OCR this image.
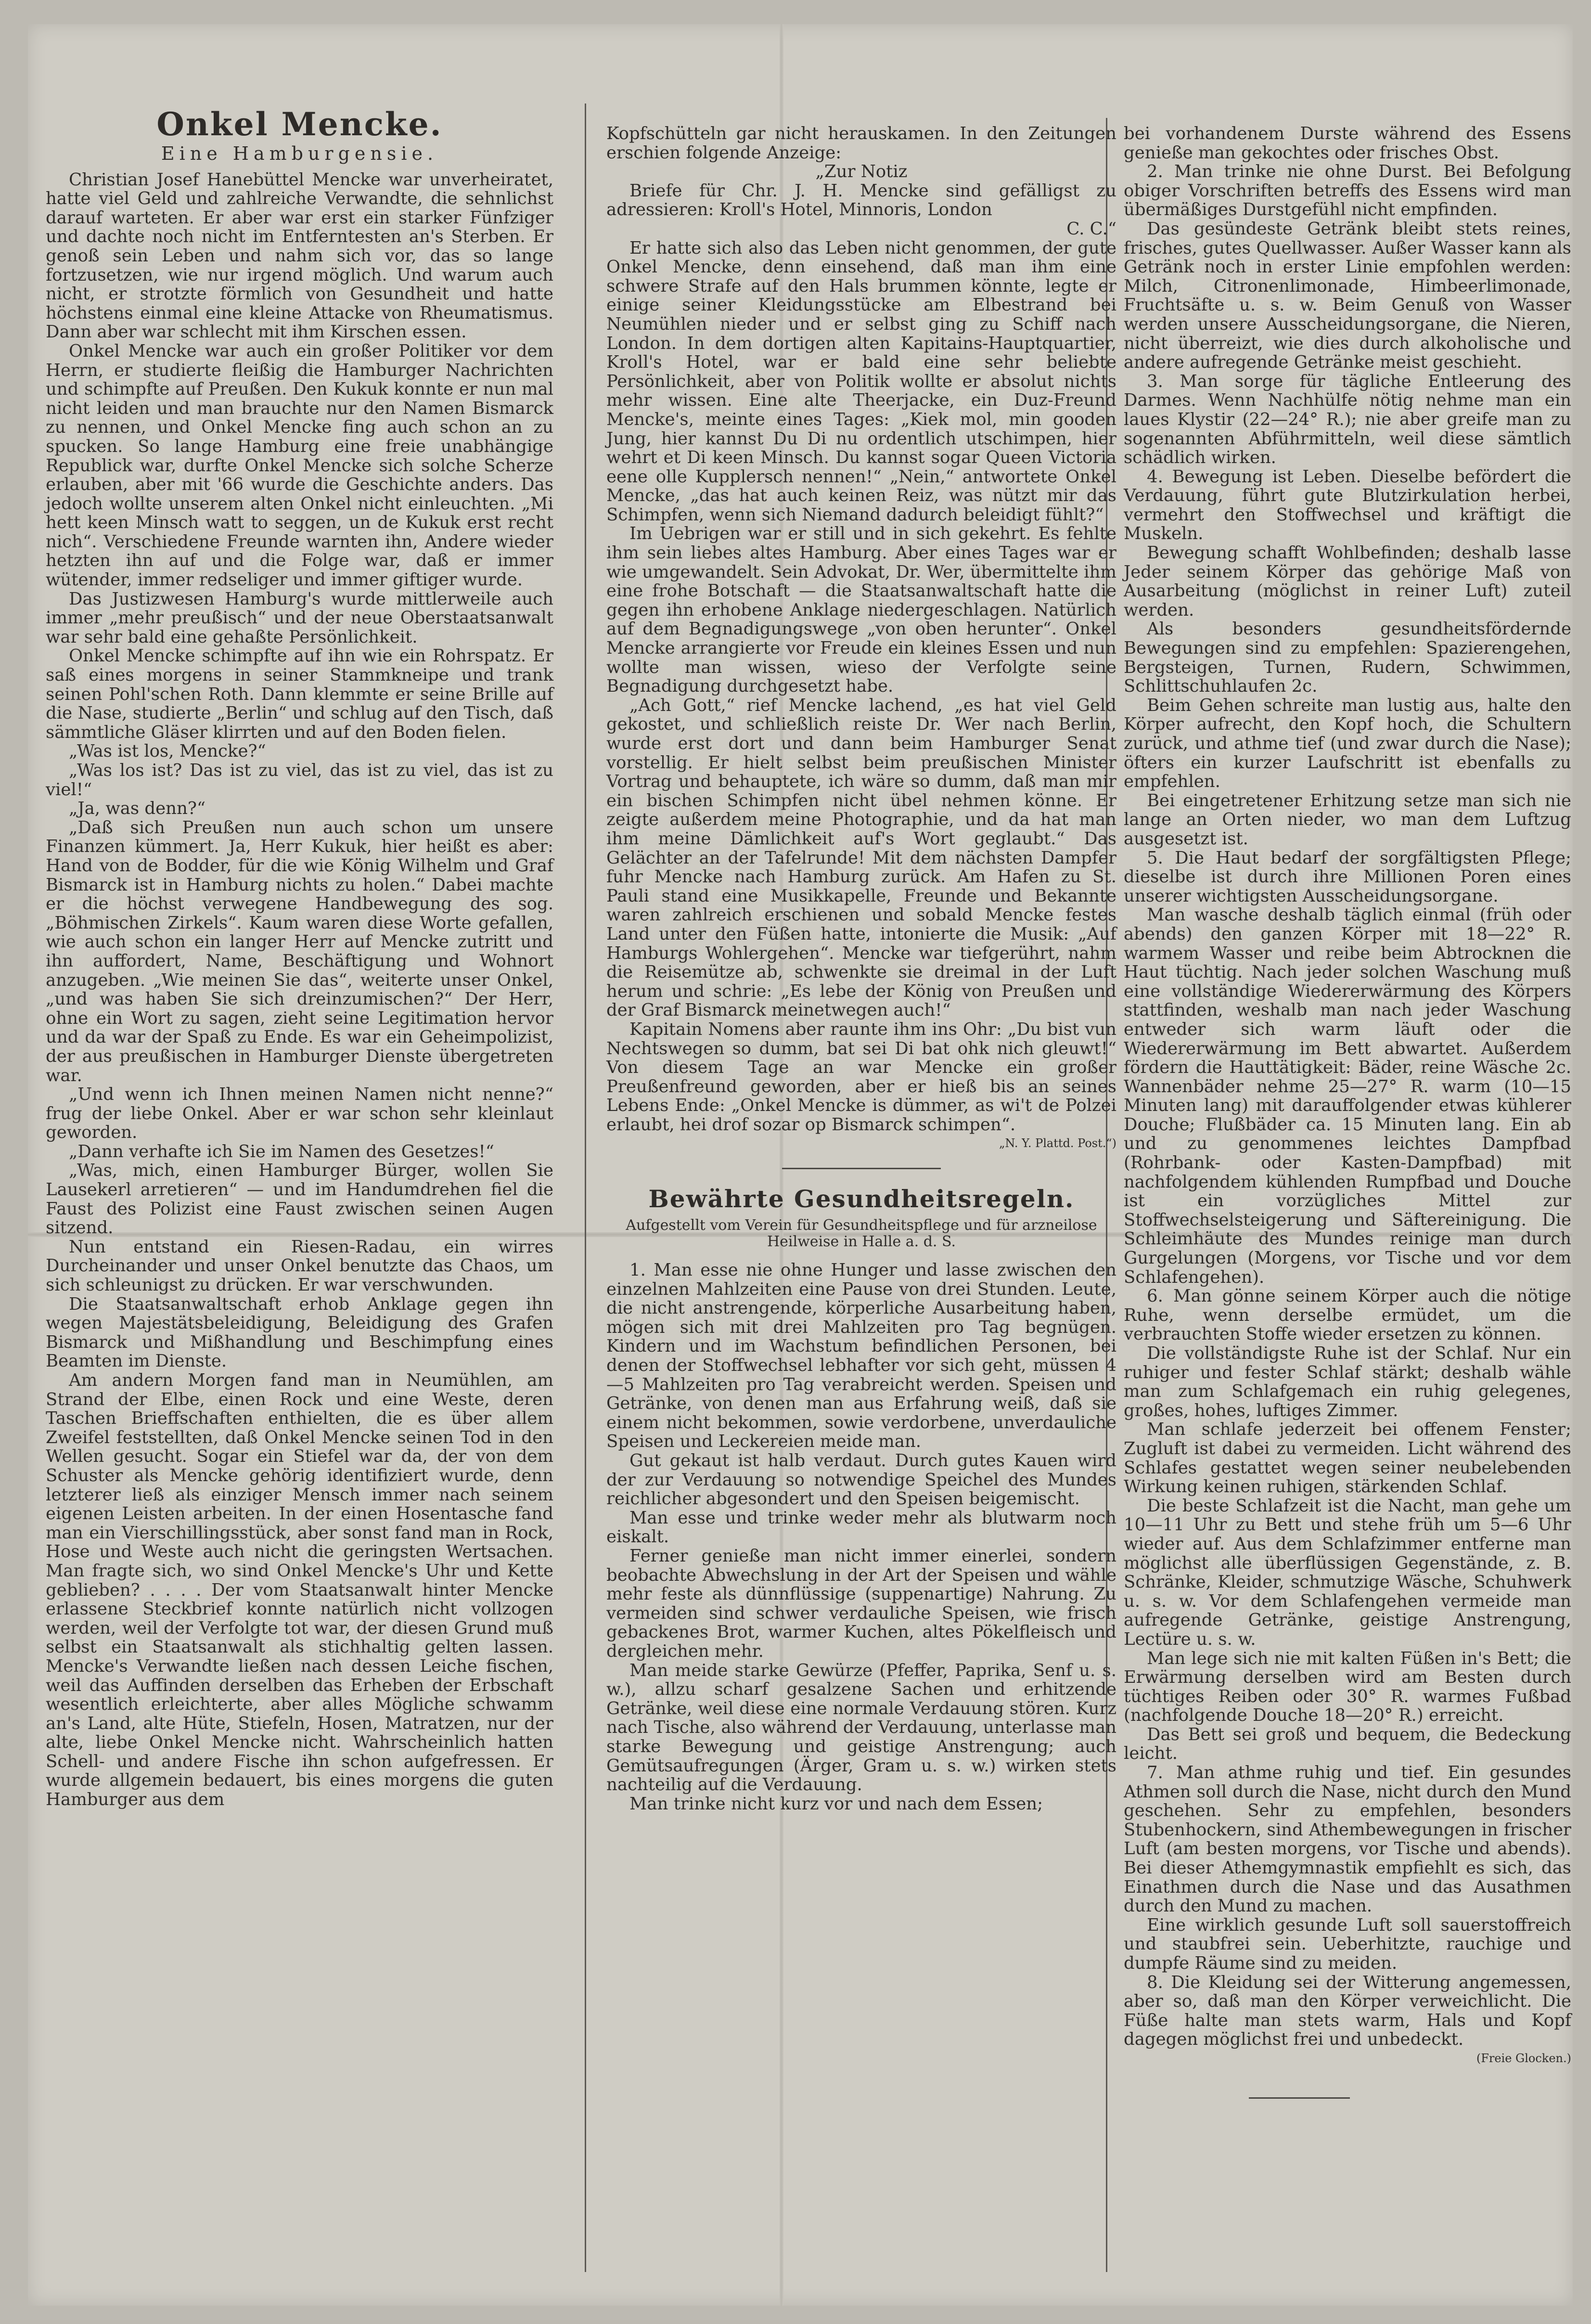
Onkel Mencke.
Eine Hamburgensie.

Christian Josef Hanebüttel Mencke war unverheiratet, hatte viel Geld und zahlreiche Verwandte, die sehnlichst darauf warteten. Er aber war erst ein starker Fünfziger und dachte noch nicht im Entferntesten an's Sterben. Er genoß sein Leben und nahm sich vor, das so lange fortzusetzen, wie nur irgend möglich. Und warum auch nicht, er strotzte förmlich von Gesundheit und hatte höchstens einmal eine kleine Attacke von Rheumatismus. Dann aber war schlecht mit ihm Kirschen essen.

Onkel Mencke war auch ein großer Politiker vor dem Herrn, er studierte fleißig die Hamburger Nachrichten und schimpfte auf Preußen. Den Kukuk konnte er nun mal nicht leiden und man brauchte nur den Namen Bismarck zu nennen, und Onkel Mencke fing auch schon an zu spucken. So lange Hamburg eine freie unabhängige Republick war, durfte Onkel Mencke sich solche Scherze erlauben, aber mit '66 wurde die Geschichte anders. Das jedoch wollte unserem alten Onkel nicht einleuchten. „Mi hett keen Minsch watt to seggen, un de Kukuk erst recht nich“. Verschiedene Freunde warnten ihn, Andere wieder hetzten ihn auf und die Folge war, daß er immer wütender, immer redseliger und immer giftiger wurde.

Das Justizwesen Hamburg's wurde mittlerweile auch immer „mehr preußisch“ und der neue Oberstaatsanwalt war sehr bald eine gehaßte Persönlichkeit.

Onkel Mencke schimpfte auf ihn wie ein Rohrspatz. Er saß eines morgens in seiner Stammkneipe und trank seinen Pohl'schen Roth. Dann klemmte er seine Brille auf die Nase, studierte „Berlin“ und schlug auf den Tisch, daß sämmtliche Gläser klirrten und auf den Boden fielen.

„Was ist los, Mencke?“

„Was los ist? Das ist zu viel, das ist zu viel, das ist zu viel!“

„Ja, was denn?“

„Daß sich Preußen nun auch schon um unsere Finanzen kümmert. Ja, Herr Kukuk, hier heißt es aber: Hand von de Bodder, für die wie König Wilhelm und Graf Bismarck ist in Hamburg nichts zu holen.“ Dabei machte er die höchst verwegene Handbewegung des sog. „Böhmischen Zirkels“. Kaum waren diese Worte gefallen, wie auch schon ein langer Herr auf Mencke zutritt und ihn auffordert, Name, Beschäftigung und Wohnort anzugeben. „Wie meinen Sie das“, weiterte unser Onkel, „und was haben Sie sich dreinzumischen?“ Der Herr, ohne ein Wort zu sagen, zieht seine Legitimation hervor und da war der Spaß zu Ende. Es war ein Geheimpolizist, der aus preußischen in Hamburger Dienste übergetreten war.

„Und wenn ich Ihnen meinen Namen nicht nenne?“ frug der liebe Onkel. Aber er war schon sehr kleinlaut geworden.

„Dann verhafte ich Sie im Namen des Gesetzes!“

„Was, mich, einen Hamburger Bürger, wollen Sie Lausekerl arretieren“ — und im Handumdrehen fiel die Faust des Polizist eine Faust zwischen seinen Augen sitzend.

Nun entstand ein Riesen-Radau, ein wirres Durcheinander und unser Onkel benutzte das Chaos, um sich schleunigst zu drücken. Er war verschwunden.

Die Staatsanwaltschaft erhob Anklage gegen ihn wegen Majestätsbeleidigung, Beleidigung des Grafen Bismarck und Mißhandlung und Beschimpfung eines Beamten im Dienste.

Am andern Morgen fand man in Neumühlen, am Strand der Elbe, einen Rock und eine Weste, deren Taschen Brieffschaften enthielten, die es über allem Zweifel feststellten, daß Onkel Mencke seinen Tod in den Wellen gesucht. Sogar ein Stiefel war da, der von dem Schuster als Mencke gehörig identifiziert wurde, denn letzterer ließ als einziger Mensch immer nach seinem eigenen Leisten arbeiten. In der einen Hosentasche fand man ein Vierschillingsstück, aber sonst fand man in Rock, Hose und Weste auch nicht die geringsten Wertsachen. Man fragte sich, wo sind Onkel Mencke's Uhr und Kette geblieben? . . . . Der vom Staatsanwalt hinter Mencke erlassene Steckbrief konnte natürlich nicht vollzogen werden, weil der Verfolgte tot war, der diesen Grund muß selbst ein Staatsanwalt als stichhaltig gelten lassen. Mencke's Verwandte ließen nach dessen Leiche fischen, weil das Auffinden derselben das Erheben der Erbschaft wesentlich erleichterte, aber alles Mögliche schwamm an's Land, alte Hüte, Stiefeln, Hosen, Matratzen, nur der alte, liebe Onkel Mencke nicht. Wahrscheinlich hatten Schell- und andere Fische ihn schon aufgefressen. Er wurde allgemein bedauert, bis eines morgens die guten Hamburger aus dem

Kopfschütteln gar nicht herauskamen. In den Zeitungen erschien folgende Anzeige:

„Zur Notiz

Briefe für Chr. J. H. Mencke sind gefälligst zu adressieren: Kroll's Hotel, Minnoris, London

C. C.“

Er hatte sich also das Leben nicht genommen, der gute Onkel Mencke, denn einsehend, daß man ihm eine schwere Strafe auf den Hals brummen könnte, legte er einige seiner Kleidungsstücke am Elbestrand bei Neumühlen nieder und er selbst ging zu Schiff nach London. In dem dortigen alten Kapitains-Hauptquartier, Kroll's Hotel, war er bald eine sehr beliebte Persönlichkeit, aber von Politik wollte er absolut nichts mehr wissen. Eine alte Theerjacke, ein Duz-Freund Mencke's, meinte eines Tages: „Kiek mol, min gooden Jung, hier kannst Du Di nu ordentlich utschimpen, hier wehrt et Di keen Minsch. Du kannst sogar Queen Victoria eene olle Kupplersch nennen!“ „Nein,“ antwortete Onkel Mencke, „das hat auch keinen Reiz, was nützt mir das Schimpfen, wenn sich Niemand dadurch beleidigt fühlt?“

Im Uebrigen war er still und in sich gekehrt. Es fehlte ihm sein liebes altes Hamburg. Aber eines Tages war er wie umgewandelt. Sein Advokat, Dr. Wer, übermittelte ihm eine frohe Botschaft — die Staatsanwaltschaft hatte die gegen ihn erhobene Anklage niedergeschlagen. Natürlich auf dem Begnadigungswege „von oben herunter“. Onkel Mencke arrangierte vor Freude ein kleines Essen und nun wollte man wissen, wieso der Verfolgte seine Begnadigung durchgesetzt habe.

„Ach Gott,“ rief Mencke lachend, „es hat viel Geld gekostet, und schließlich reiste Dr. Wer nach Berlin, wurde erst dort und dann beim Hamburger Senat vorstellig. Er hielt selbst beim preußischen Minister Vortrag und behauptete, ich wäre so dumm, daß man mir ein bischen Schimpfen nicht übel nehmen könne. Er zeigte außerdem meine Photographie, und da hat man ihm meine Dämlichkeit auf's Wort geglaubt.“ Das Gelächter an der Tafelrunde! Mit dem nächsten Dampfer fuhr Mencke nach Hamburg zurück. Am Hafen zu St. Pauli stand eine Musikkapelle, Freunde und Bekannte waren zahlreich erschienen und sobald Mencke festes Land unter den Füßen hatte, intonierte die Musik: „Auf Hamburgs Wohlergehen“. Mencke war tiefgerührt, nahm die Reisemütze ab, schwenkte sie dreimal in der Luft herum und schrie: „Es lebe der König von Preußen und der Graf Bismarck meinetwegen auch!“

Kapitain Nomens aber raunte ihm ins Ohr: „Du bist vun Nechtswegen so dumm, bat sei Di bat ohk nich gleuwt!“ Von diesem Tage an war Mencke ein großer Preußenfreund geworden, aber er hieß bis an seines Lebens Ende: „Onkel Mencke is dümmer, as wi't de Polzei erlaubt, hei drof sozar op Bismarck schimpen“.

„N. Y. Plattd. Post.“)
Bewährte Gesundheitsregeln.
Aufgestellt vom Verein für Gesundheitspflege und für arzneilose Heilweise in Halle a. d. S.

1. Man esse nie ohne Hunger und lasse zwischen den einzelnen Mahlzeiten eine Pause von drei Stunden. Leute, die nicht anstrengende, körperliche Ausarbeitung haben, mögen sich mit drei Mahlzeiten pro Tag begnügen. Kindern und im Wachstum befindlichen Personen, bei denen der Stoffwechsel lebhafter vor sich geht, müssen 4—5 Mahlzeiten pro Tag verabreicht werden. Speisen und Getränke, von denen man aus Erfahrung weiß, daß sie einem nicht bekommen, sowie verdorbene, unverdauliche Speisen und Leckereien meide man.

Gut gekaut ist halb verdaut. Durch gutes Kauen wird der zur Verdauung so notwendige Speichel des Mundes reichlicher abgesondert und den Speisen beigemischt.

Man esse und trinke weder mehr als blutwarm noch eiskalt.

Ferner genieße man nicht immer einerlei, sondern beobachte Abwechslung in der Art der Speisen und wähle mehr feste als dünnflüssige (suppenartige) Nahrung. Zu vermeiden sind schwer verdauliche Speisen, wie frisch gebackenes Brot, warmer Kuchen, altes Pökelfleisch und dergleichen mehr.

Man meide starke Gewürze (Pfeffer, Paprika, Senf u. s. w.), allzu scharf gesalzene Sachen und erhitzende Getränke, weil diese eine normale Verdauung stören. Kurz nach Tische, also während der Verdauung, unterlasse man starke Bewegung und geistige Anstrengung; auch Gemütsaufregungen (Ärger, Gram u. s. w.) wirken stets nachteilig auf die Verdauung.

Man trinke nicht kurz vor und nach dem Essen;

bei vorhandenem Durste während des Essens genieße man gekochtes oder frisches Obst.

2. Man trinke nie ohne Durst. Bei Befolgung obiger Vorschriften betreffs des Essens wird man übermäßiges Durstgefühl nicht empfinden.

Das gesündeste Getränk bleibt stets reines, frisches, gutes Quellwasser. Außer Wasser kann als Getränk noch in erster Linie empfohlen werden: Milch, Citronenlimonade, Himbeerlimonade, Fruchtsäfte u. s. w. Beim Genuß von Wasser werden unsere Ausscheidungsorgane, die Nieren, nicht überreizt, wie dies durch alkoholische und andere aufregende Getränke meist geschieht.

3. Man sorge für tägliche Entleerung des Darmes. Wenn Nachhülfe nötig nehme man ein laues Klystir (22—24° R.); nie aber greife man zu sogenannten Abführmitteln, weil diese sämtlich schädlich wirken.

4. Bewegung ist Leben. Dieselbe befördert die Verdauung, führt gute Blutzirkulation herbei, vermehrt den Stoffwechsel und kräftigt die Muskeln.

Bewegung schafft Wohlbefinden; deshalb lasse Jeder seinem Körper das gehörige Maß von Ausarbeitung (möglichst in reiner Luft) zuteil werden.

Als besonders gesundheitsfördernde Bewegungen sind zu empfehlen: Spazierengehen, Bergsteigen, Turnen, Rudern, Schwimmen, Schlittschuhlaufen 2c.

Beim Gehen schreite man lustig aus, halte den Körper aufrecht, den Kopf hoch, die Schultern zurück, und athme tief (und zwar durch die Nase); öfters ein kurzer Laufschritt ist ebenfalls zu empfehlen.

Bei eingetretener Erhitzung setze man sich nie lange an Orten nieder, wo man dem Luftzug ausgesetzt ist.

5. Die Haut bedarf der sorgfältigsten Pflege; dieselbe ist durch ihre Millionen Poren eines unserer wichtigsten Ausscheidungsorgane.

Man wasche deshalb täglich einmal (früh oder abends) den ganzen Körper mit 18—22° R. warmem Wasser und reibe beim Abtrocknen die Haut tüchtig. Nach jeder solchen Waschung muß eine vollständige Wiedererwärmung des Körpers stattfinden, weshalb man nach jeder Waschung entweder sich warm läuft oder die Wiedererwärmung im Bett abwartet. Außerdem fördern die Hauttätigkeit: Bäder, reine Wäsche 2c. Wannenbäder nehme 25—27° R. warm (10—15 Minuten lang) mit darauffolgender etwas kühlerer Douche; Flußbäder ca. 15 Minuten lang. Ein ab und zu genommenes leichtes Dampfbad (Rohrbank- oder Kasten-Dampfbad) mit nachfolgendem kühlenden Rumpfbad und Douche ist ein vorzügliches Mittel zur Stoffwechselsteigerung und Säftereinigung. Die Schleimhäute des Mundes reinige man durch Gurgelungen (Morgens, vor Tische und vor dem Schlafengehen).

6. Man gönne seinem Körper auch die nötige Ruhe, wenn derselbe ermüdet, um die verbrauchten Stoffe wieder ersetzen zu können.

Die vollständigste Ruhe ist der Schlaf. Nur ein ruhiger und fester Schlaf stärkt; deshalb wähle man zum Schlafgemach ein ruhig gelegenes, großes, hohes, luftiges Zimmer.

Man schlafe jederzeit bei offenem Fenster; Zugluft ist dabei zu vermeiden. Licht während des Schlafes gestattet wegen seiner neubelebenden Wirkung keinen ruhigen, stärkenden Schlaf.

Die beste Schlafzeit ist die Nacht, man gehe um 10—11 Uhr zu Bett und stehe früh um 5—6 Uhr wieder auf. Aus dem Schlafzimmer entferne man möglichst alle überflüssigen Gegenstände, z. B. Schränke, Kleider, schmutzige Wäsche, Schuhwerk u. s. w. Vor dem Schlafengehen vermeide man aufregende Getränke, geistige Anstrengung, Lectüre u. s. w.

Man lege sich nie mit kalten Füßen in's Bett; die Erwärmung derselben wird am Besten durch tüchtiges Reiben oder 30° R. warmes Fußbad (nachfolgende Douche 18—20° R.) erreicht.

Das Bett sei groß und bequem, die Bedeckung leicht.

7. Man athme ruhig und tief. Ein gesundes Athmen soll durch die Nase, nicht durch den Mund geschehen. Sehr zu empfehlen, besonders Stubenhockern, sind Athembewegungen in frischer Luft (am besten morgens, vor Tische und abends). Bei dieser Athemgymnastik empfiehlt es sich, das Einathmen durch die Nase und das Ausathmen durch den Mund zu machen.

Eine wirklich gesunde Luft soll sauerstoffreich und staubfrei sein. Ueberhitzte, rauchige und dumpfe Räume sind zu meiden.

8. Die Kleidung sei der Witterung angemessen, aber so, daß man den Körper verweichlicht. Die Füße halte man stets warm, Hals und Kopf dagegen möglichst frei und unbedeckt.

(Freie Glocken.)
